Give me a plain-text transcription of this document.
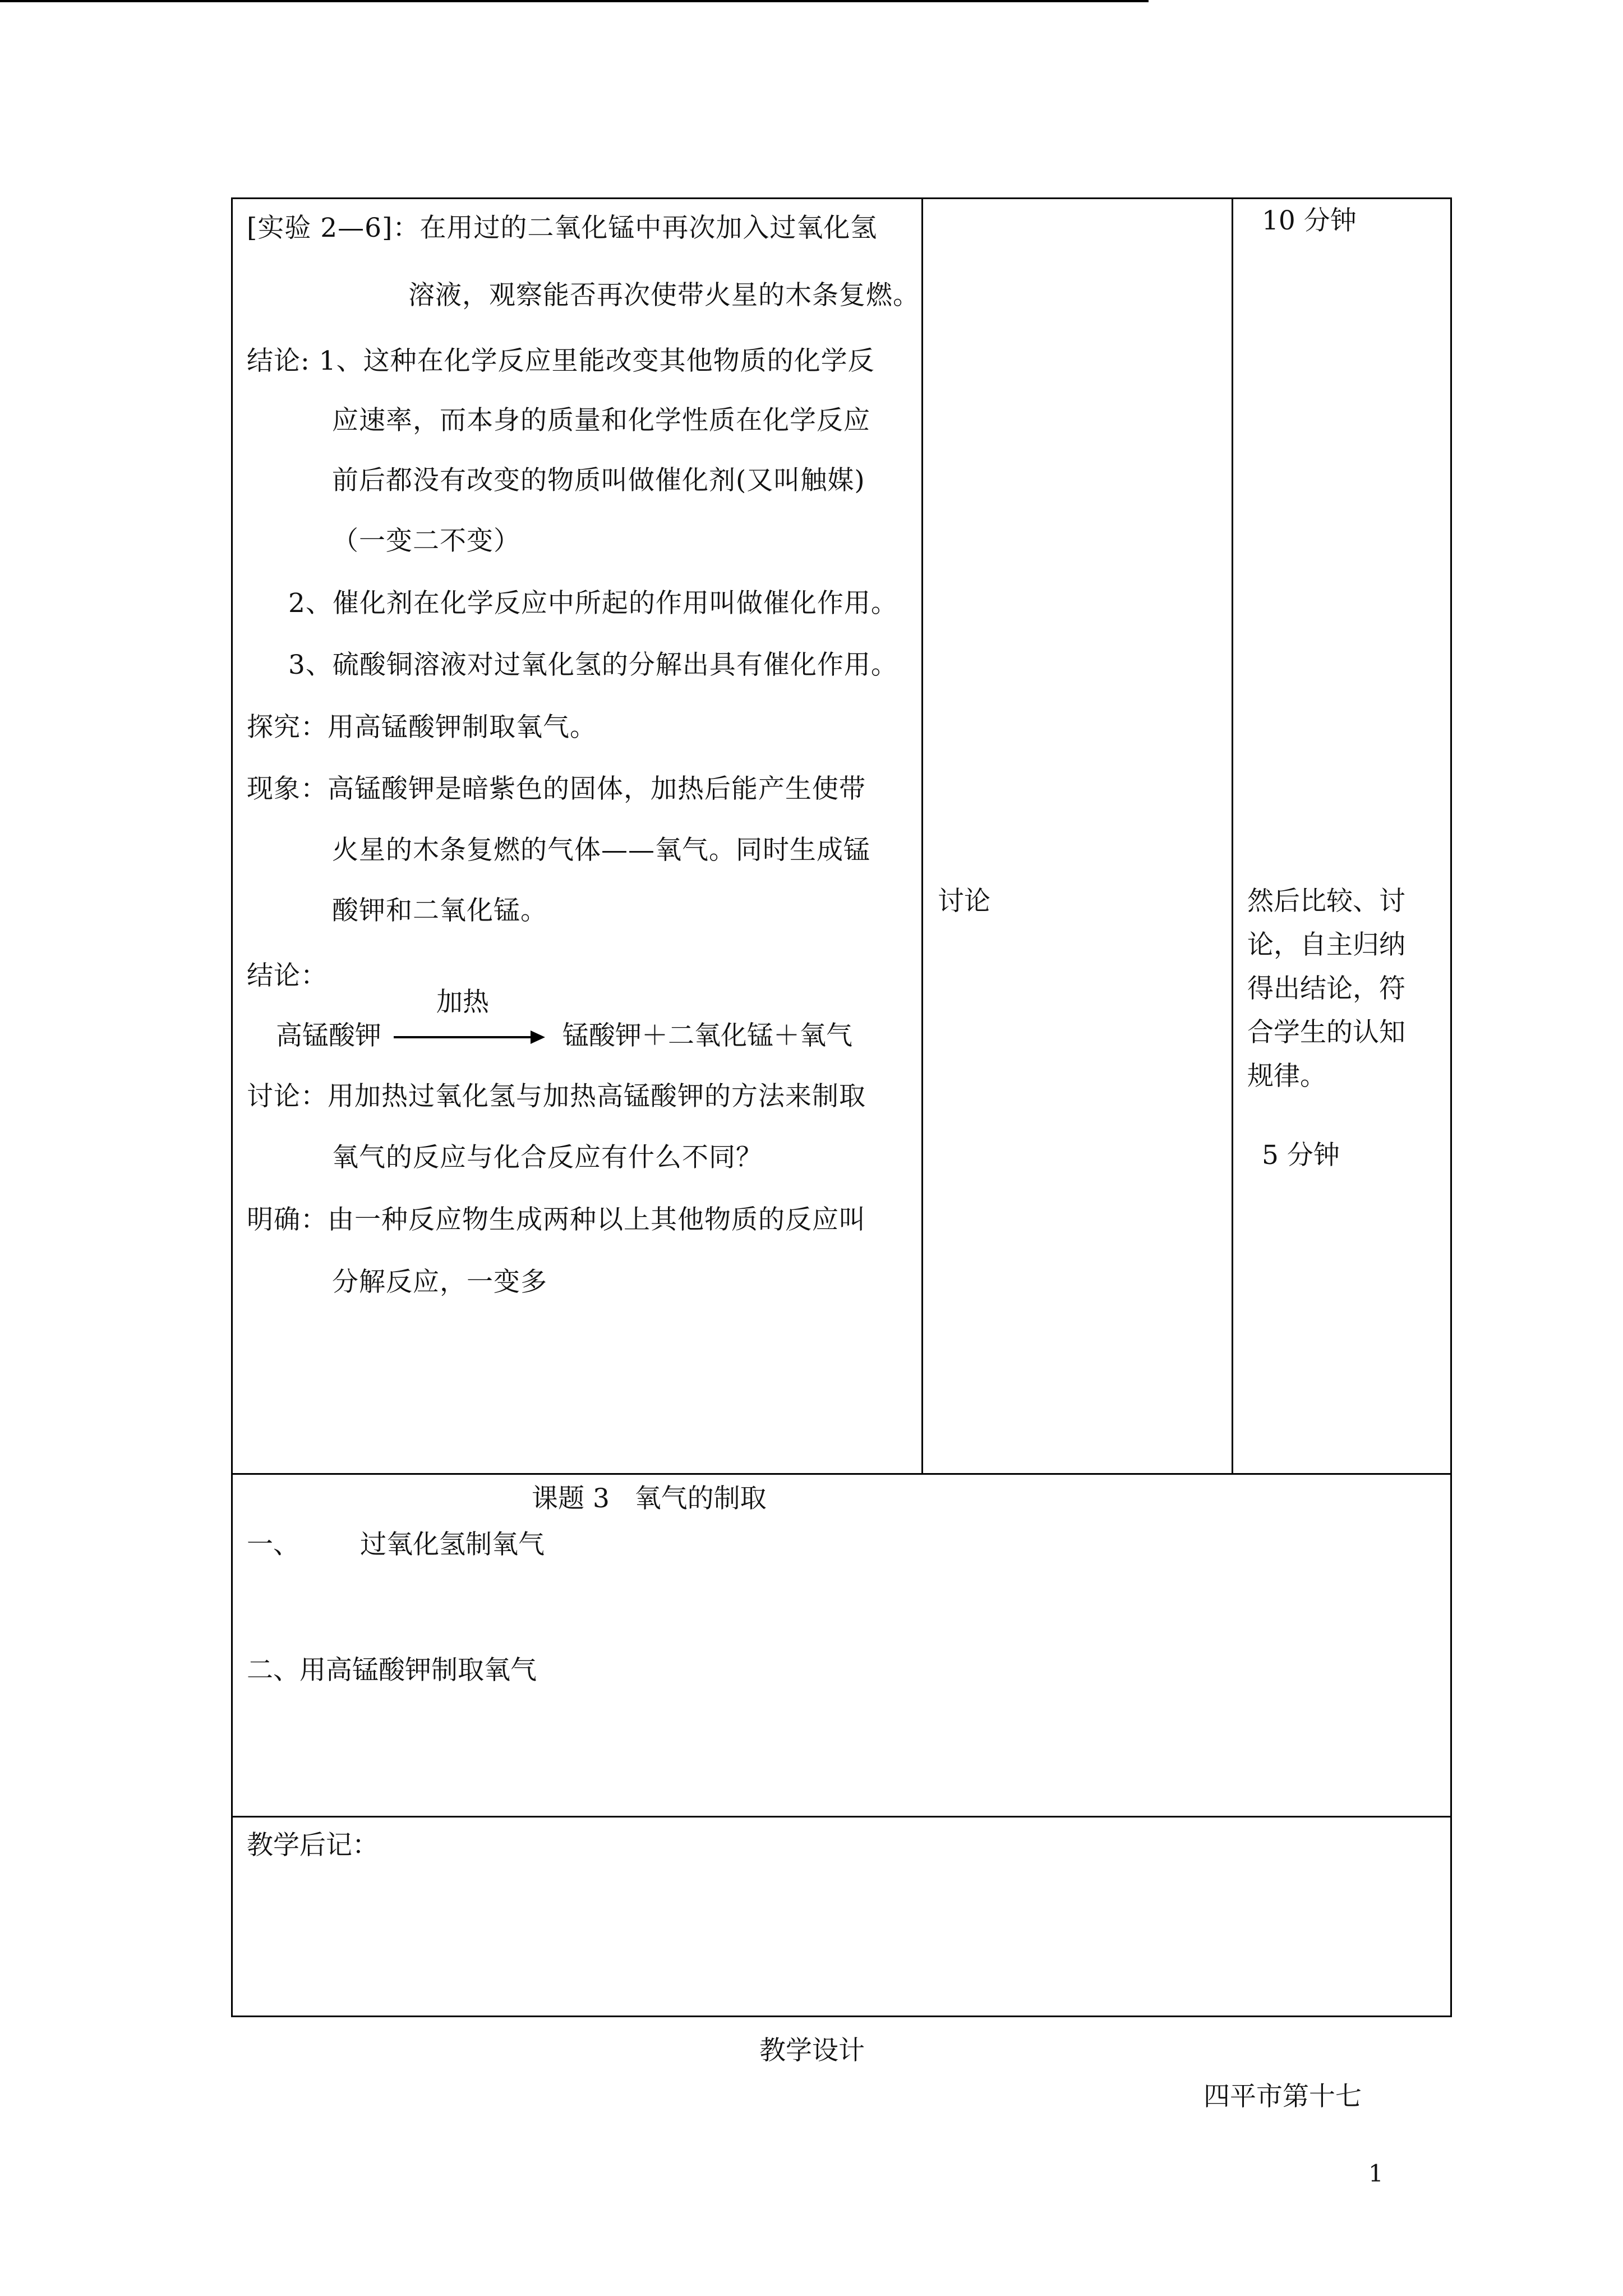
[实验 2—6]：在用过的二氧化锰中再次加入过氧化氢
溶液，观察能否再次使带火星的木条复燃。
结论: 1、这种在化学反应里能改变其他物质的化学反
应速率，而本身的质量和化学性质在化学反应
前后都没有改变的物质叫做催化剂(又叫触媒)
（一变二不变）
2、催化剂在化学反应中所起的作用叫做催化作用。
3、硫酸铜溶液对过氧化氢的分解出具有催化作用。
探究：用高锰酸钾制取氧气。
现象：高锰酸钾是暗紫色的固体，加热后能产生使带
火星的木条复燃的气体——氧气。同时生成锰
酸钾和二氧化锰。
结论：
加热
高锰酸钾	锰酸钾＋二氧化锰＋氧气
讨论：用加热过氧化氢与加热高锰酸钾的方法来制取
氧气的反应与化合反应有什么不同？
明确：由一种反应物生成两种以上其他物质的反应叫
分解反应，一变多
讨论
10 分钟
然后比较、讨
论，自主归纳
得出结论，符
合学生的认知
规律。
5 分钟
课题 3   氧气的制取
一、 过氧化氢制氧气
二、用高锰酸钾制取氧气
教学后记：
教学设计
四平市第十七
1
